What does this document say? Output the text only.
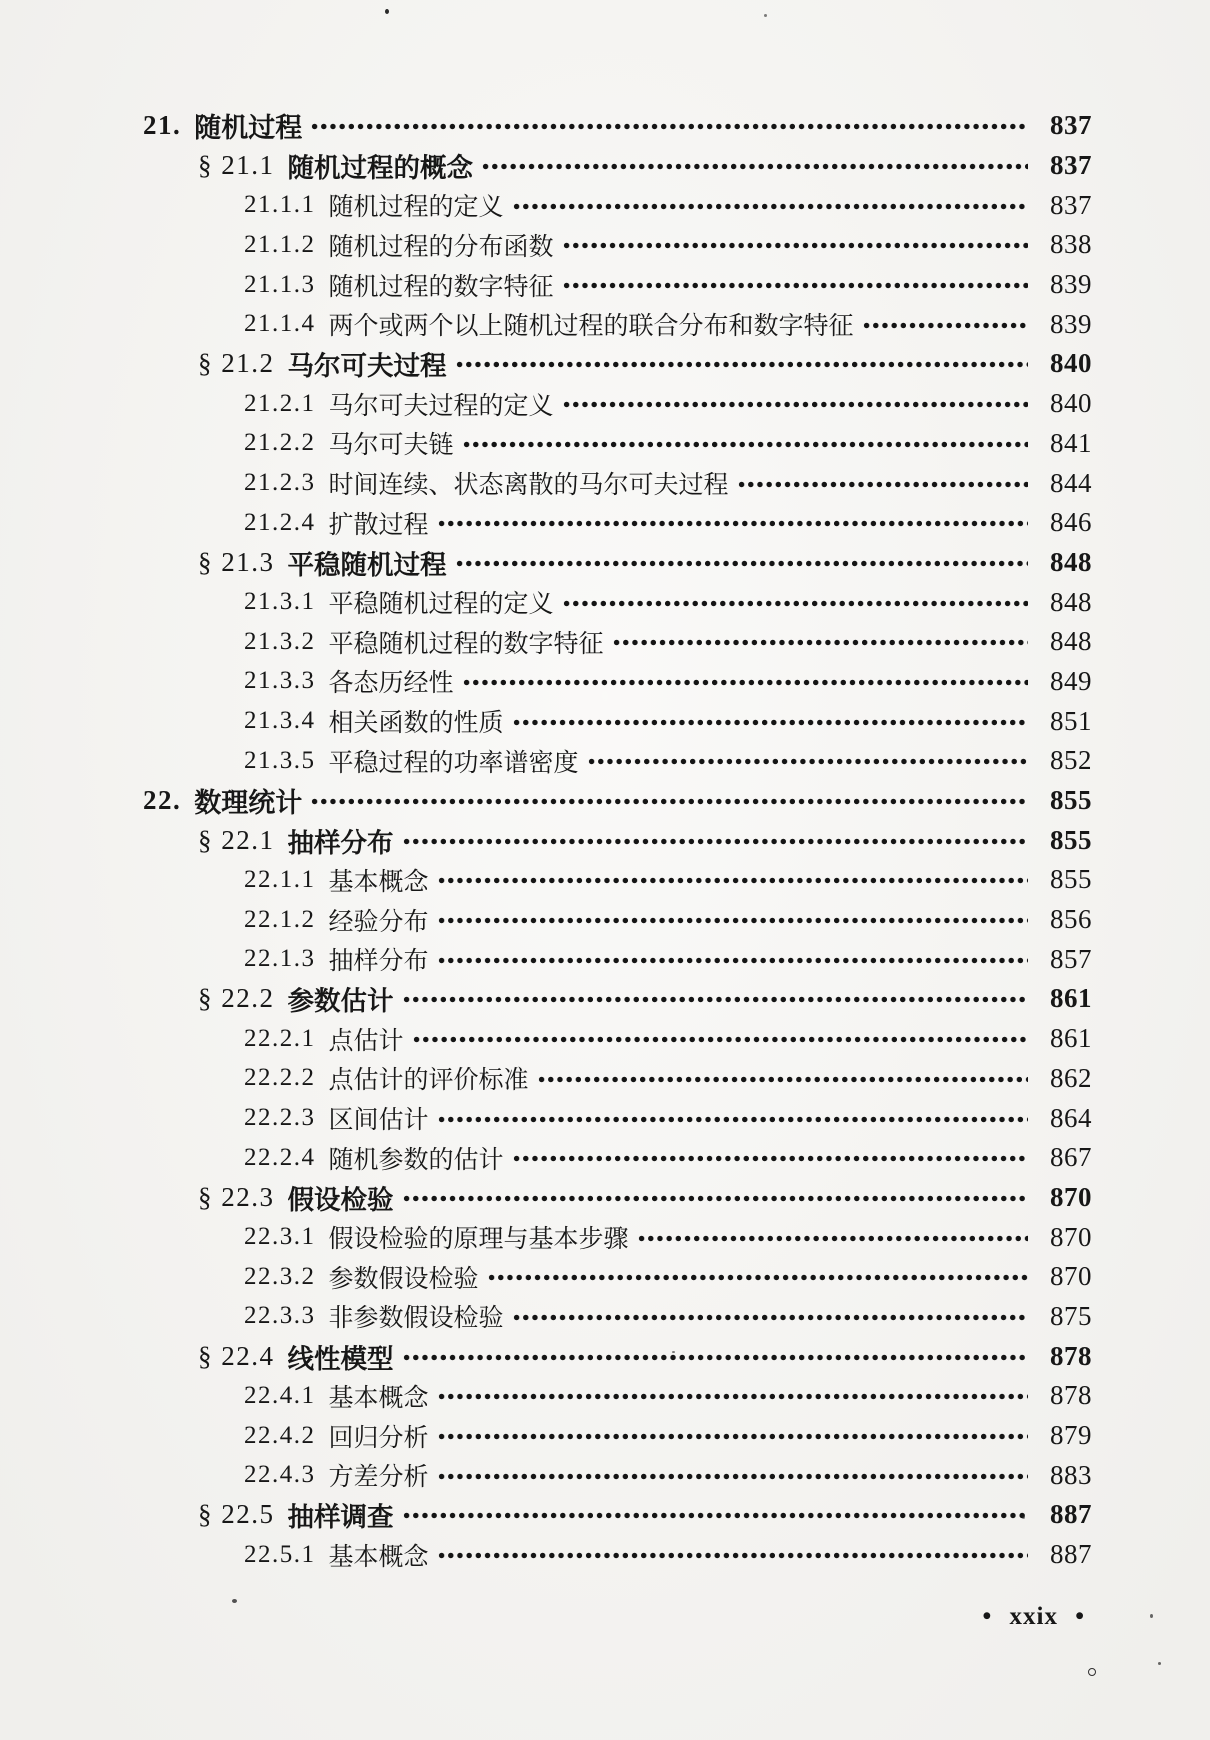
21. 随机过程	837
§ 21.1 随机过程的概念	837
21.1.1 随机过程的定义	837
21.1.2 随机过程的分布函数	838
21.1.3 随机过程的数字特征	839
21.1.4 两个或两个以上随机过程的联合分布和数字特征	839
§ 21.2 马尔可夫过程	840
21.2.1 马尔可夫过程的定义	840
21.2.2 马尔可夫链	841
21.2.3 时间连续、状态离散的马尔可夫过程	844
21.2.4 扩散过程	846
§ 21.3 平稳随机过程	848
21.3.1 平稳随机过程的定义	848
21.3.2 平稳随机过程的数字特征	848
21.3.3 各态历经性	849
21.3.4 相关函数的性质	851
21.3.5 平稳过程的功率谱密度	852
22. 数理统计	855
§ 22.1 抽样分布	855
22.1.1 基本概念	855
22.1.2 经验分布	856
22.1.3 抽样分布	857
§ 22.2 参数估计	861
22.2.1 点估计	861
22.2.2 点估计的评价标准	862
22.2.3 区间估计	864
22.2.4 随机参数的估计	867
§ 22.3 假设检验	870
22.3.1 假设检验的原理与基本步骤	870
22.3.2 参数假设检验	870
22.3.3 非参数假设检验	875
§ 22.4 线性模型	878
22.4.1 基本概念	878
22.4.2 回归分析	879
22.4.3 方差分析	883
§ 22.5 抽样调查	887
22.5.1 基本概念	887
• xxix •
